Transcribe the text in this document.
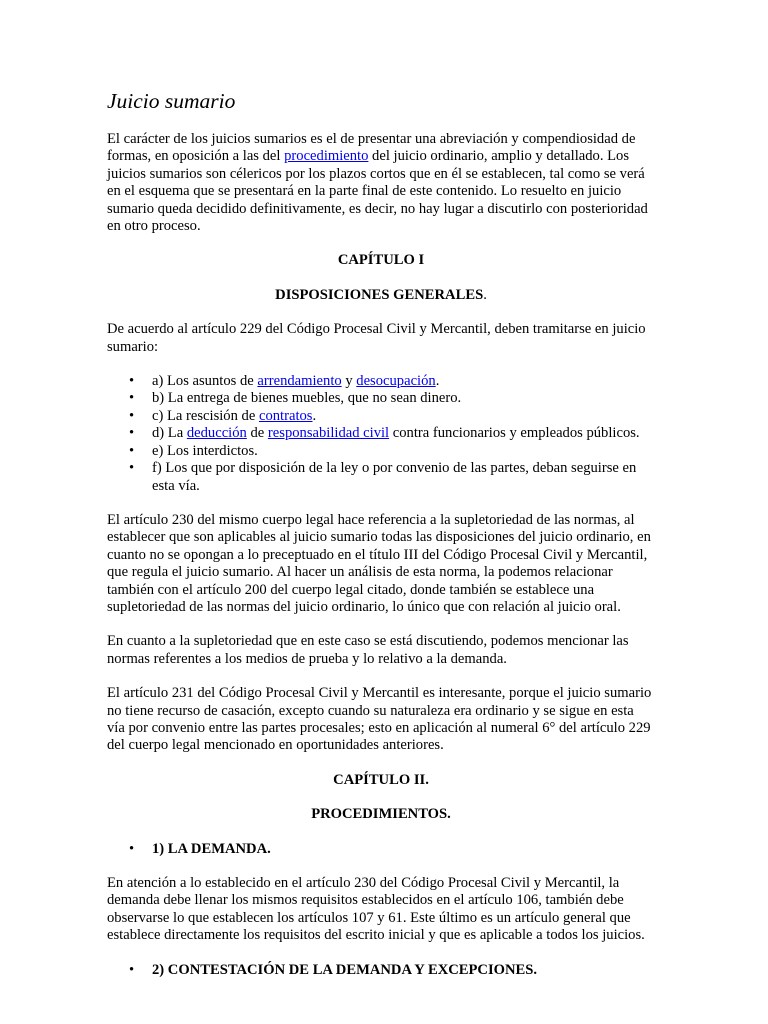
Juicio sumario

El carácter de los juicios sumarios es el de presentar una abreviación y compendiosidad de formas, en oposición a las del procedimiento del juicio ordinario, amplio y detallado. Los juicios sumarios son célericos por los plazos cortos que en él se establecen, tal como se verá en el esquema que se presentará en la parte final de este contenido. Lo resuelto en juicio sumario queda decidido definitivamente, es decir, no hay lugar a discutirlo con posterioridad en otro proceso.

CAPÍTULO I

DISPOSICIONES GENERALES.

De acuerdo al artículo 229 del Código Procesal Civil y Mercantil, deben tramitarse en juicio sumario:

• a) Los asuntos de arrendamiento y desocupación.
• b) La entrega de bienes muebles, que no sean dinero.
• c) La rescisión de contratos.
• d) La deducción de responsabilidad civil contra funcionarios y empleados públicos.
• e) Los interdictos.
• f) Los que por disposición de la ley o por convenio de las partes, deban seguirse en esta vía.

El artículo 230 del mismo cuerpo legal hace referencia a la supletoriedad de las normas, al establecer que son aplicables al juicio sumario todas las disposiciones del juicio ordinario, en cuanto no se opongan a lo preceptuado en el título III del Código Procesal Civil y Mercantil, que regula el juicio sumario. Al hacer un análisis de esta norma, la podemos relacionar también con el artículo 200 del cuerpo legal citado, donde también se establece una supletoriedad de las normas del juicio ordinario, lo único que con relación al juicio oral.

En cuanto a la supletoriedad que en este caso se está discutiendo, podemos mencionar las normas referentes a los medios de prueba y lo relativo a la demanda.

El artículo 231 del Código Procesal Civil y Mercantil es interesante, porque el juicio sumario no tiene recurso de casación, excepto cuando su naturaleza era ordinario y se sigue en esta vía por convenio entre las partes procesales; esto en aplicación al numeral 6° del artículo 229 del cuerpo legal mencionado en oportunidades anteriores.

CAPÍTULO II.

PROCEDIMIENTOS.

• 1) LA DEMANDA.

En atención a lo establecido en el artículo 230 del Código Procesal Civil y Mercantil, la demanda debe llenar los mismos requisitos establecidos en el artículo 106, también debe observarse lo que establecen los artículos 107 y 61. Este último es un artículo general que establece directamente los requisitos del escrito inicial y que es aplicable a todos los juicios.

• 2) CONTESTACIÓN DE LA DEMANDA Y EXCEPCIONES.
